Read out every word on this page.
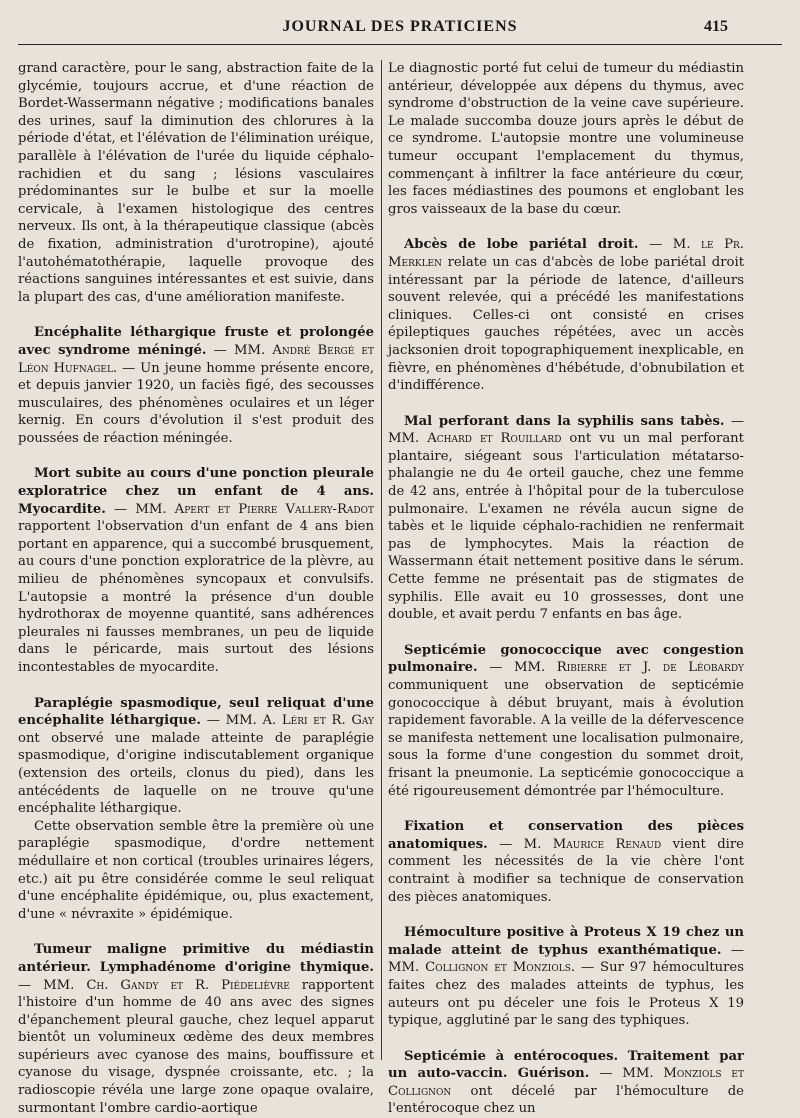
JOURNAL DES PRATICIENS	415

grand caractère, pour le sang, abstraction faite de la glycémie, toujours accrue, et d'une réaction de Bordet-Wassermann négative ; modifications banales des urines, sauf la diminution des chlorures à la période d'état, et l'élévation de l'élimination uréique, parallèle à l'élévation de l'urée du liquide céphalo-rachidien et du sang ; lésions vasculaires prédominantes sur le bulbe et sur la moelle cervicale, à l'examen histologique des centres nerveux. Ils ont, à la thérapeutique classique (abcès de fixation, administration d'urotropine), ajouté l'autohématothérapie, laquelle provoque des réactions sanguines intéressantes et est suivie, dans la plupart des cas, d'une amélioration manifeste.

Encéphalite léthargique fruste et prolongée avec syndrome méningé. — MM. André Bergé et Léon Hufnagel. — Un jeune homme présente encore, et depuis janvier 1920, un faciès figé, des secousses musculaires, des phénomènes oculaires et un léger kernig. En cours d'évolution il s'est produit des poussées de réaction méningée.

Mort subite au cours d'une ponction pleurale exploratrice chez un enfant de 4 ans. Myocardite. — MM. Apert et Pierre Vallery-Radot rapportent l'observation d'un enfant de 4 ans bien portant en apparence, qui a succombé brusquement, au cours d'une ponction exploratrice de la plèvre, au milieu de phénomènes syncopaux et convulsifs. L'autopsie a montré la présence d'un double hydrothorax de moyenne quantité, sans adhérences pleurales ni fausses membranes, un peu de liquide dans le péricarde, mais surtout des lésions incontestables de myocardite.

Paraplégie spasmodique, seul reliquat d'une encéphalite léthargique. — MM. A. Léri et R. Gay ont observé une malade atteinte de paraplégie spasmodique, d'origine indiscutablement organique (extension des orteils, clonus du pied), dans les antécédents de laquelle on ne trouve qu'une encéphalite léthargique.

Cette observation semble être la première où une paraplégie spasmodique, d'ordre nettement médullaire et non cortical (troubles urinaires légers, etc.) ait pu être considérée comme le seul reliquat d'une encéphalite épidémique, ou, plus exactement, d'une « névraxite » épidémique.

Tumeur maligne primitive du médiastin antérieur. Lymphadénome d'origine thymique. — MM. Ch. Gandy et R. Piédelièvre rapportent l'histoire d'un homme de 40 ans avec des signes d'épanchement pleural gauche, chez lequel apparut bientôt un volumineux œdème des deux membres supérieurs avec cyanose des mains, bouffissure et cyanose du visage, dyspnée croissante, etc. ; la radioscopie révéla une large zone opaque ovalaire, surmontant l'ombre cardio-aortique

Le diagnostic porté fut celui de tumeur du médiastin antérieur, développée aux dépens du thymus, avec syndrome d'obstruction de la veine cave supérieure. Le malade succomba douze jours après le début de ce syndrome. L'autopsie montre une volumineuse tumeur occupant l'emplacement du thymus, commençant à infiltrer la face antérieure du cœur, les faces médiastines des poumons et englobant les gros vaisseaux de la base du cœur.

Abcès de lobe pariétal droit. — M. le Pr. Merklen relate un cas d'abcès de lobe pariétal droit intéressant par la période de latence, d'ailleurs souvent relevée, qui a précédé les manifestations cliniques. Celles-ci ont consisté en crises épileptiques gauches répétées, avec un accès jacksonien droit topographiquement inexplicable, en fièvre, en phénomènes d'hébétude, d'obnubilation et d'indifférence.

Mal perforant dans la syphilis sans tabès. — MM. Achard et Rouillard ont vu un mal perforant plantaire, siégeant sous l'articulation métatarso-phalangie ne du 4e orteil gauche, chez une femme de 42 ans, entrée à l'hôpital pour de la tuberculose pulmonaire. L'examen ne révéla aucun signe de tabès et le liquide céphalo-rachidien ne renfermait pas de lymphocytes. Mais la réaction de Wassermann était nettement positive dans le sérum. Cette femme ne présentait pas de stigmates de syphilis. Elle avait eu 10 grossesses, dont une double, et avait perdu 7 enfants en bas âge.

Septicémie gonococcique avec congestion pulmonaire. — MM. Ribierre et J. de Léobardy communiquent une observation de septicémie gonococcique à début bruyant, mais à évolution rapidement favorable. A la veille de la défervescence se manifesta nettement une localisation pulmonaire, sous la forme d'une congestion du sommet droit, frisant la pneumonie. La septicémie gonococcique a été rigoureusement démontrée par l'hémoculture.

Fixation et conservation des pièces anatomiques. — M. Maurice Renaud vient dire comment les nécessités de la vie chère l'ont contraint à modifier sa technique de conservation des pièces anatomiques.

Hémoculture positive à Proteus X 19 chez un malade atteint de typhus exanthématique. — MM. Collignon et Monziols. — Sur 97 hémocultures faites chez des malades atteints de typhus, les auteurs ont pu déceler une fois le Proteus X 19 typique, agglutiné par le sang des typhiques.

Septicémie à entérocoques. Traitement par un auto-vaccin. Guérison. — MM. Monziols et Collignon ont décelé par l'hémoculture de l'entérocoque chez un
